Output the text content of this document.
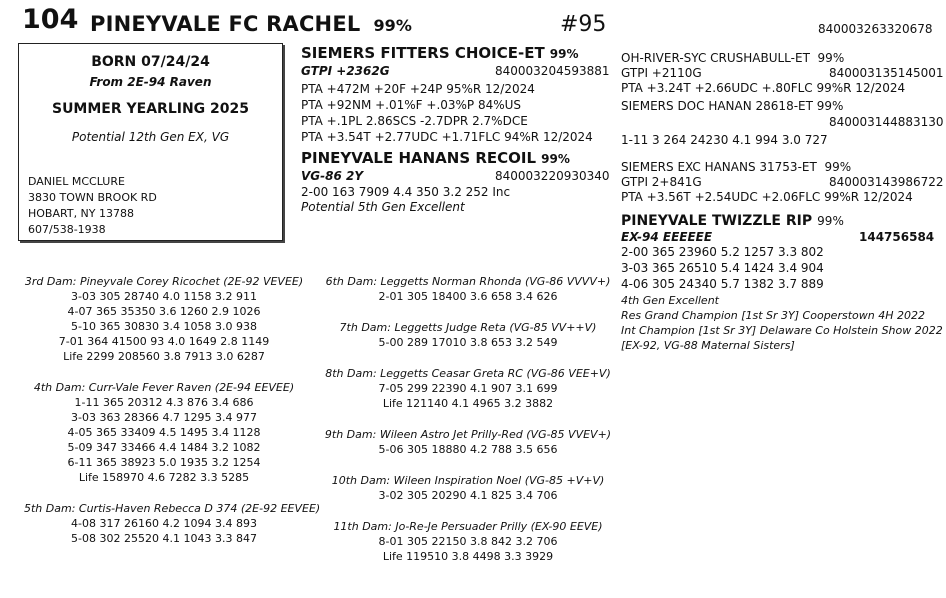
104 PINEYVALE FC RACHEL 99%	#95	840003263320678
BORN 07/24/24
From 2E-94 Raven
SUMMER YEARLING 2025
Potential 12th Gen EX, VG
DANIEL MCCLURE
3830 TOWN BROOK RD
HOBART, NY 13788
607/538-1938
SIEMERS FITTERS CHOICE-ET 99%
GTPI +2362G	840003204593881
PTA +472M +20F +24P 95%R 12/2024
PTA +92NM +.01%F +.03%P 84%US
PTA +.1PL 2.86SCS -2.7DPR 2.7%DCE
PTA +3.54T +2.77UDC +1.71FLC 94%R 12/2024
PINEYVALE HANANS RECOIL 99%
VG-86 2Y	840003220930340
2-00 163 7909 4.4 350 3.2 252 Inc
Potential 5th Gen Excellent
OH-RIVER-SYC CRUSHABULL-ET 99%
GTPI +2110G	840003135145001
PTA +3.24T +2.66UDC +.80FLC 99%R 12/2024
SIEMERS DOC HANAN 28618-ET 99%
840003144883130
1-11 3 264 24230 4.1 994 3.0 727
SIEMERS EXC HANANS 31753-ET 99%
GTPI 2+841G	840003143986722
PTA +3.56T +2.54UDC +2.06FLC 99%R 12/2024
PINEYVALE TWIZZLE RIP 99%
EX-94 EEEEEE	144756584
2-00 365 23960 5.2 1257 3.3 802
3-03 365 26510 5.4 1424 3.4 904
4-06 305 24340 5.7 1382 3.7 889
4th Gen Excellent
Res Grand Champion [1st Sr 3Y] Cooperstown 4H 2022
Int Champion [1st Sr 3Y] Delaware Co Holstein Show 2022
[EX-92, VG-88 Maternal Sisters]
3rd Dam: Pineyvale Corey Ricochet (2E-92 VEVEE)
3-03 305 28740 4.0 1158 3.2 911
4-07 365 35350 3.6 1260 2.9 1026
5-10 365 30830 3.4 1058 3.0 938
7-01 364 41500 93 4.0 1649 2.8 1149
Life 2299 208560 3.8 7913 3.0 6287
4th Dam: Curr-Vale Fever Raven (2E-94 EEVEE)
1-11 365 20312 4.3 876 3.4 686
3-03 363 28366 4.7 1295 3.4 977
4-05 365 33409 4.5 1495 3.4 1128
5-09 347 33466 4.4 1484 3.2 1082
6-11 365 38923 5.0 1935 3.2 1254
Life 158970 4.6 7282 3.3 5285
5th Dam: Curtis-Haven Rebecca D 374 (2E-92 EEVEE)
4-08 317 26160 4.2 1094 3.4 893
5-08 302 25520 4.1 1043 3.3 847
6th Dam: Leggetts Norman Rhonda (VG-86 VVVV+)
2-01 305 18400 3.6 658 3.4 626
7th Dam: Leggetts Judge Reta (VG-85 VV++V)
5-00 289 17010 3.8 653 3.2 549
8th Dam: Leggetts Ceasar Greta RC (VG-86 VEE+V)
7-05 299 22390 4.1 907 3.1 699
Life 121140 4.1 4965 3.2 3882
9th Dam: Wileen Astro Jet Prilly-Red (VG-85 VVEV+)
5-06 305 18880 4.2 788 3.5 656
10th Dam: Wileen Inspiration Noel (VG-85 +V+V)
3-02 305 20290 4.1 825 3.4 706
11th Dam: Jo-Re-Je Persuader Prilly (EX-90 EEVE)
8-01 305 22150 3.8 842 3.2 706
Life 119510 3.8 4498 3.3 3929
